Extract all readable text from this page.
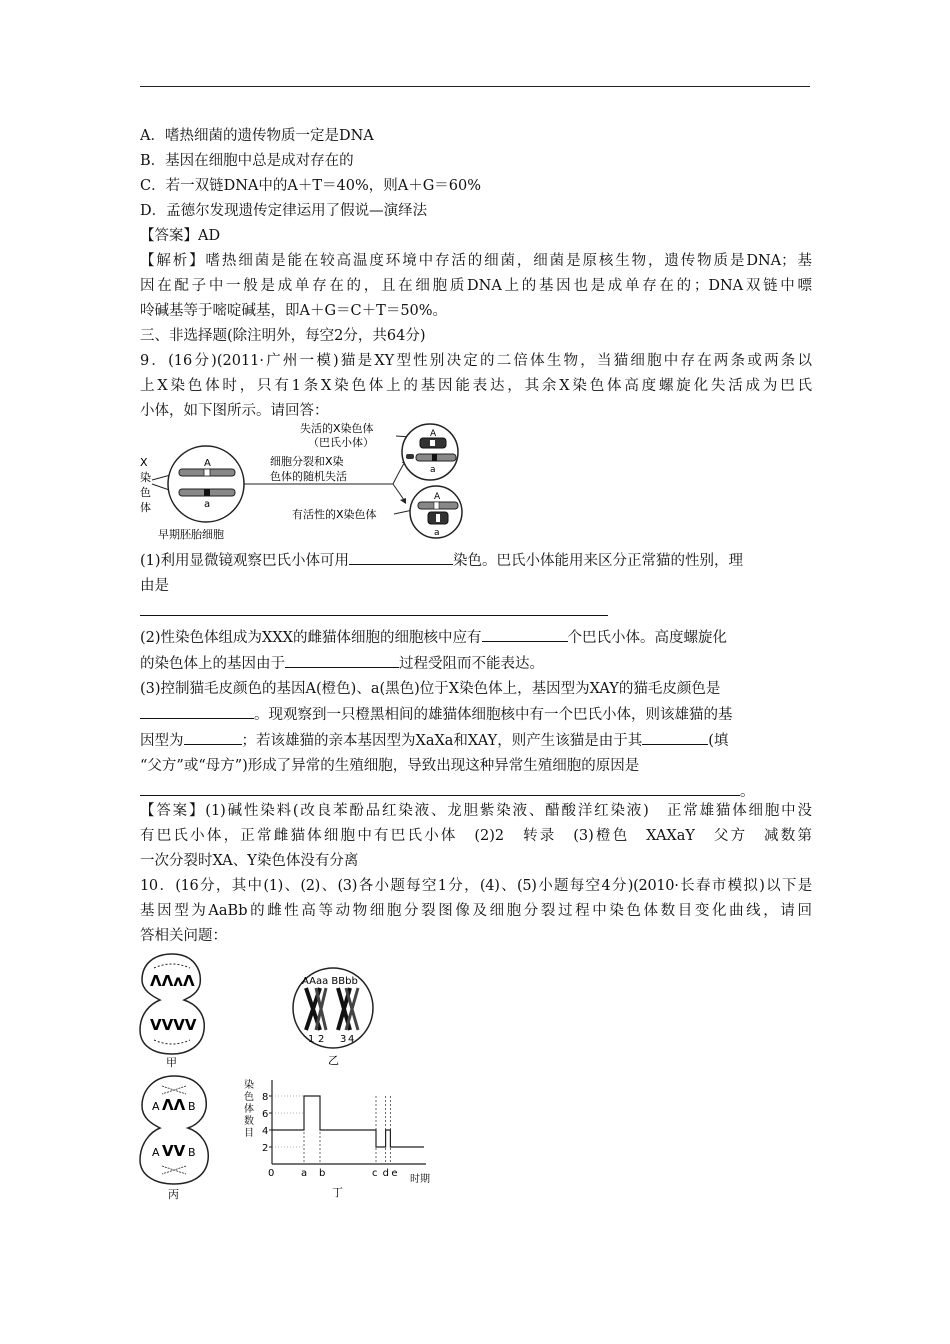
A．嗜热细菌的遗传物质一定是DNA
B．基因在细胞中总是成对存在的
C．若一双链DNA中的A＋T＝40%，则A＋G＝60%
D．孟德尔发现遗传定律运用了假说—演绎法
【答案】AD
【解析】嗜热细菌是能在较高温度环境中存活的细菌，细菌是原核生物，遗传物质是DNA；基
因在配子中一般是成单存在的，且在细胞质DNA上的基因也是成单存在的；DNA双链中嘌
呤碱基等于嘧啶碱基，即A＋G＝C＋T＝50%。
三、非选择题(除注明外，每空2分，共64分)
9．(16分)(2011·广州一模)猫是XY型性别决定的二倍体生物，当猫细胞中存在两条或两条以
上X染色体时，只有1条X染色体上的基因能表达，其余X染色体高度螺旋化失活成为巴氏
小体，如下图所示。请回答：
X
染
色
体
A
a
早期胚胎细胞
细胞分裂和X染
色体的随机失活
失活的X染色体
（巴氏小体）
A
a
有活性的X染色体
A
a
(1)利用显微镜观察巴氏小体可用	染色。巴氏小体能用来区分正常猫的性别，理
由是
(2)性染色体组成为XXX的雌猫体细胞的细胞核中应有	个巴氏小体。高度螺旋化
的染色体上的基因由于	过程受阻而不能表达。
(3)控制猫毛皮颜色的基因A(橙色)、a(黑色)位于X染色体上，基因型为XAY的猫毛皮颜色是
。现观察到一只橙黑相间的雄猫体细胞核中有一个巴氏小体，则该雄猫的基
因型为	；若该雄猫的亲本基因型为XaXa和XAY，则产生该猫是由于其	(填
“父方”或“母方”)形成了异常的生殖细胞，导致出现这种异常生殖细胞的原因是
。
【答案】(1)碱性染料(改良苯酚品红染液、龙胆紫染液、醋酸洋红染液)　正常雄猫体细胞中没
有巴氏小体，正常雌猫体细胞中有巴氏小体　(2)2　转录　(3)橙色　XAXaY　父方　减数第
一次分裂时XA、Y染色体没有分离
10．(16分，其中(1)、(2)、(3)各小题每空1分，(4)、(5)小题每空4分)(2010·长春市模拟)以下是
基因型为AaBb的雌性高等动物细胞分裂图像及细胞分裂过程中染色体数目变化曲线，请回
答相关问题：
ɅɅʌɅ
VVVV
甲
AAaa BBbb
1 2 3 4
乙
A ɅɅ B
A VV B
丙
染
色
体
数
目
2
4
6
8
a b	c d e
0
时期
丁
